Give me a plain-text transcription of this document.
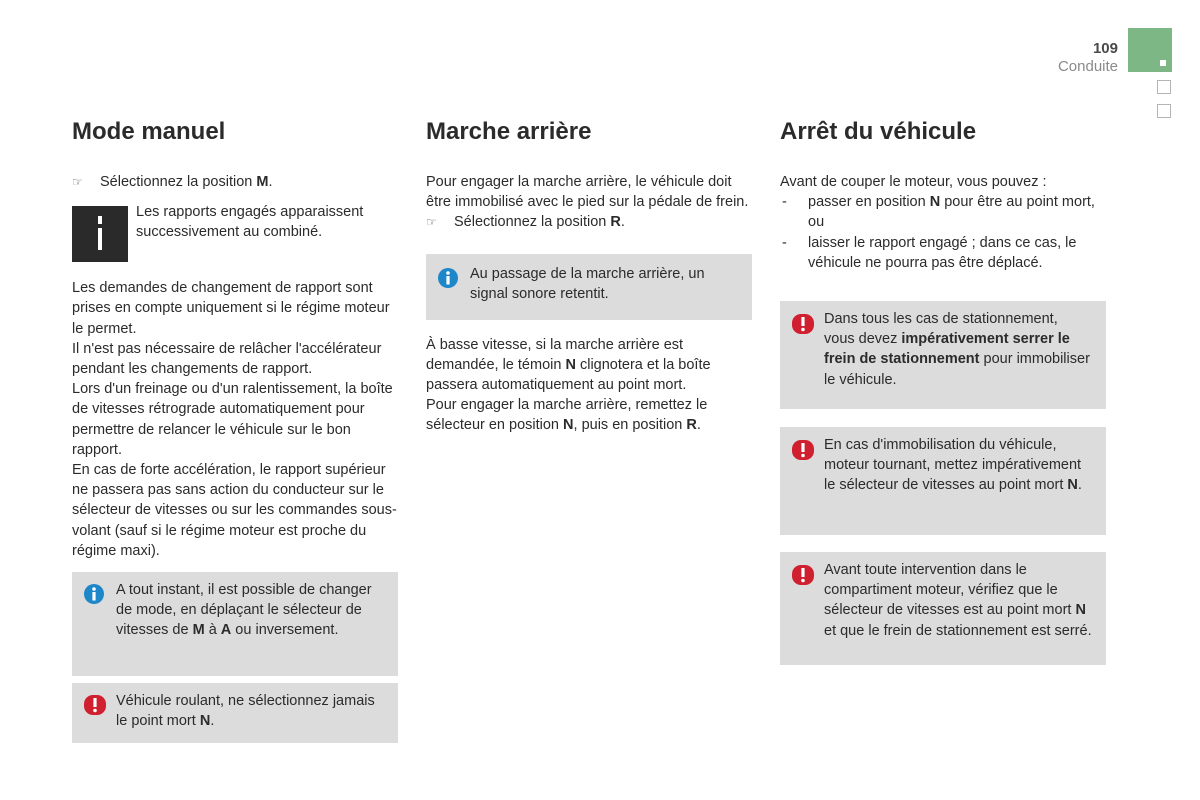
109
Conduite
Mode manuel
☞ Sélectionnez la position M.
Les rapports engagés apparaissent successivement au combiné.

Les demandes de changement de rapport sont prises en compte uniquement si le régime moteur le permet.

Il n'est pas nécessaire de relâcher l'accélérateur pendant les changements de rapport.

Lors d'un freinage ou d'un ralentissement, la boîte de vitesses rétrograde automatiquement pour permettre de relancer le véhicule sur le bon rapport.

En cas de forte accélération, le rapport supérieur ne passera pas sans action du conducteur sur le sélecteur de vitesses ou sur les commandes sous-volant (sauf si le régime moteur est proche du régime maxi).

A tout instant, il est possible de changer de mode, en déplaçant le sélecteur de vitesses de M à A ou inversement.
Véhicule roulant, ne sélectionnez jamais le point mort N.
Marche arrière

Pour engager la marche arrière, le véhicule doit être immobilisé avec le pied sur la pédale de frein.

☞ Sélectionnez la position R.
Au passage de la marche arrière, un signal sonore retentit.

À basse vitesse, si la marche arrière est demandée, le témoin N clignotera et la boîte passera automatiquement au point mort.

Pour engager la marche arrière, remettez le sélecteur en position N, puis en position R.

Arrêt du véhicule

Avant de couper le moteur, vous pouvez :

- passer en position N pour être au point mort,
ou
- laisser le rapport engagé ; dans ce cas, le véhicule ne pourra pas être déplacé.
Dans tous les cas de stationnement, vous devez impérativement serrer le frein de stationnement pour immobiliser le véhicule.
En cas d'immobilisation du véhicule, moteur tournant, mettez impérativement le sélecteur de vitesses au point mort N.
Avant toute intervention dans le compartiment moteur, vérifiez que le sélecteur de vitesses est au point mort N et que le frein de stationnement est serré.
